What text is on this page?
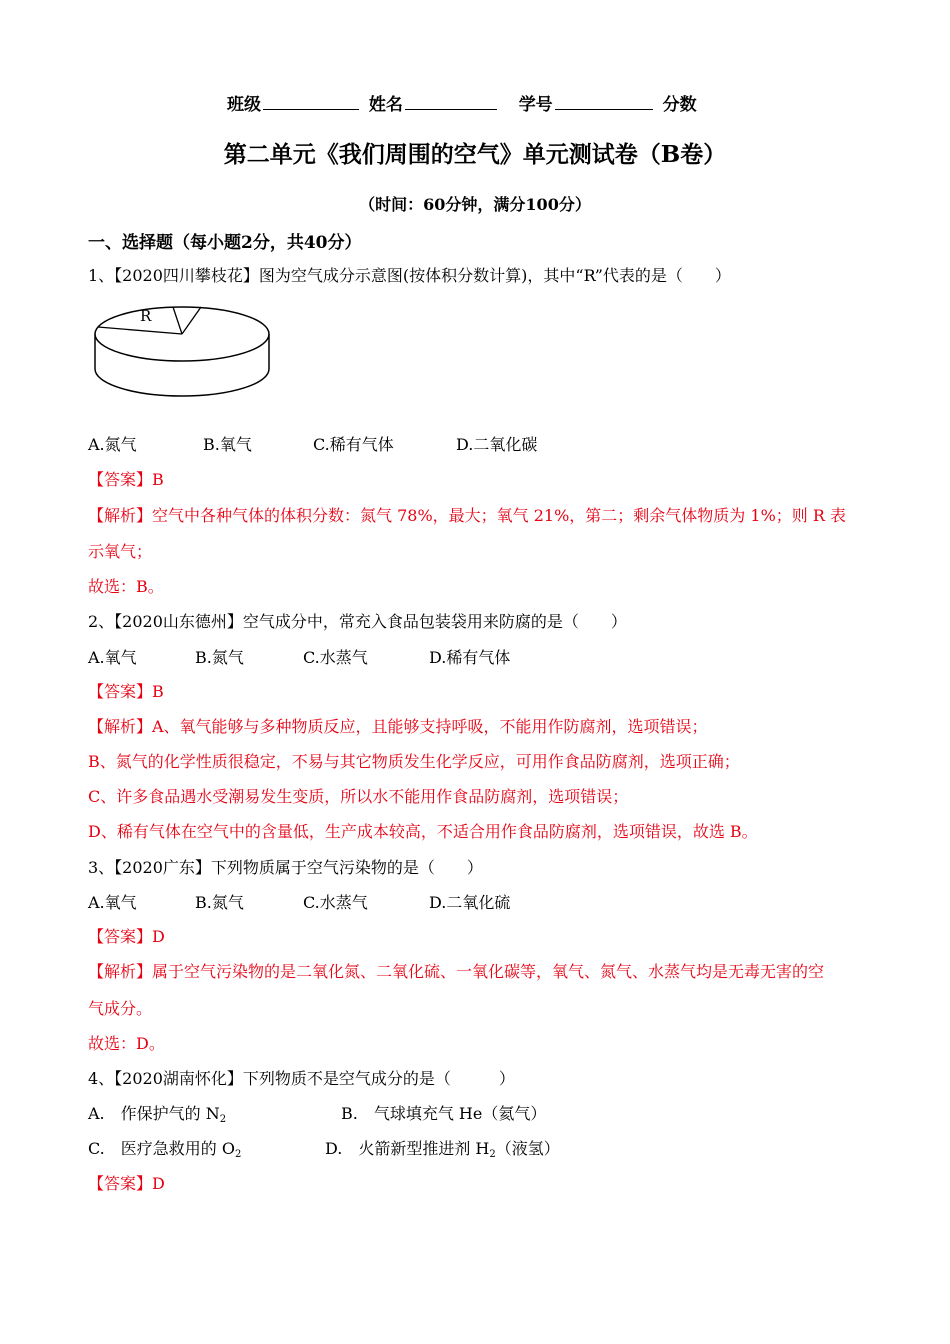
班级	姓名	学号	分数
第二单元《我们周围的空气》单元测试卷（B卷）
（时间：60分钟，满分100分）
一、选择题（每小题2分，共40分）
1、【2020四川攀枝花】图为空气成分示意图(按体积分数计算)，其中“R”代表的是（　　）
R
A.氮气	B.氧气	C.稀有气体	D.二氧化碳
【答案】B
【解析】空气中各种气体的体积分数：氮气 78%，最大；氧气 21%，第二；剩余气体物质为 1%；则 R 表
示氧气；
故选：B。
2、【2020山东德州】空气成分中，常充入食品包装袋用来防腐的是（　　）
A.氧气	B.氮气	C.水蒸气	D.稀有气体
【答案】B
【解析】A、氧气能够与多种物质反应，且能够支持呼吸，不能用作防腐剂，选项错误；
B、氮气的化学性质很稳定，不易与其它物质发生化学反应，可用作食品防腐剂，选项正确；
C、许多食品遇水受潮易发生变质，所以水不能用作食品防腐剂，选项错误；
D、稀有气体在空气中的含量低，生产成本较高，不适合用作食品防腐剂，选项错误，故选 B。
3、【2020广东】下列物质属于空气污染物的是（　　）
A.氧气	B.氮气	C.水蒸气	D.二氧化硫
【答案】D
【解析】属于空气污染物的是二氧化氮、二氧化硫、一氧化碳等，氧气、氮气、水蒸气均是无毒无害的空
气成分。
故选：D。
4、【2020湖南怀化】下列物质不是空气成分的是（　　　）
A.　作保护气的 $N_2$	B.　气球填充气 He（氦气）
C.　医疗急救用的 $O_2$	D.　火箭新型推进剂 $H_2$（液氢）
【答案】D
